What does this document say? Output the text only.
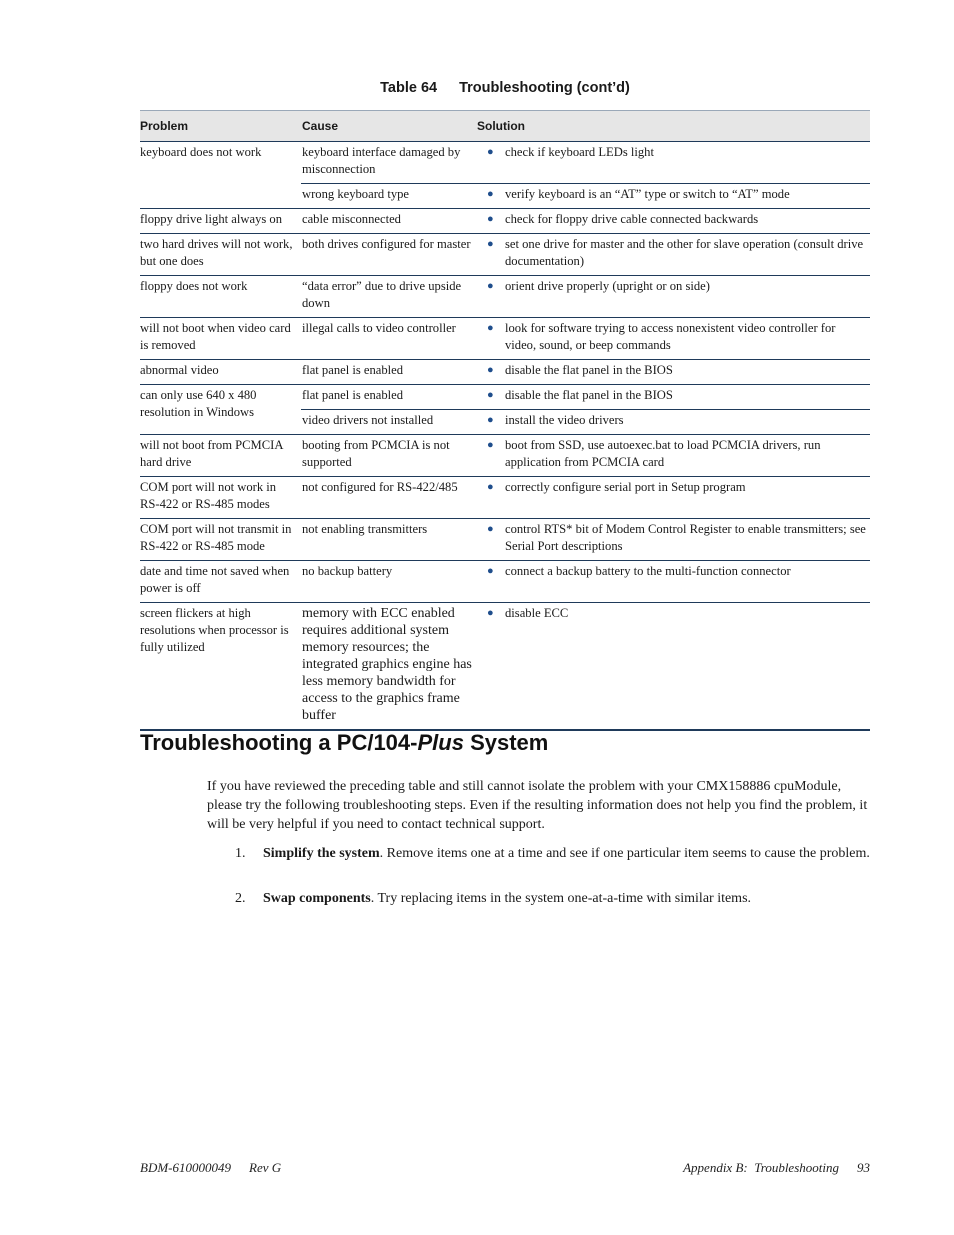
Table 64 Troubleshooting (cont’d)
Problem	Cause	Solution
keyboard does not work	keyboard interface damaged by misconnection	● check if keyboard LEDs light

	wrong keyboard type	● verify keyboard is an “AT” type or switch to “AT” mode

floppy drive light always on	cable misconnected	● check for floppy drive cable connected backwards

two hard drives will not work, but one does	both drives configured for master	● set one drive for master and the other for slave operation (consult drive documentation)

floppy does not work	“data error” due to drive upside down	● orient drive properly (upright or on side)

will not boot when video card is removed	illegal calls to video controller	● look for software trying to access nonexistent video controller for video, sound, or beep commands

abnormal video	flat panel is enabled	● disable the flat panel in the BIOS

can only use 640 x 480 resolution in Windows	flat panel is enabled	● disable the flat panel in the BIOS

	video drivers not installed	● install the video drivers

will not boot from PCMCIA hard drive	booting from PCMCIA is not supported	● boot from SSD, use autoexec.bat to load PCMCIA drivers, run application from PCMCIA card

COM port will not work in RS-422 or RS-485 modes	not configured for RS-422/485	● correctly configure serial port in Setup program

COM port will not transmit in RS-422 or RS-485 mode	not enabling transmitters	● control RTS* bit of Modem Control Register to enable transmitters; see Serial Port descriptions

date and time not saved when power is off	no backup battery	● connect a backup battery to the multi-function connector

screen flickers at high resolutions when processor is fully utilized	memory with ECC enabled requires additional system memory resources; the integrated graphics engine has less memory bandwidth for access to the graphics frame buffer	● disable ECC
Troubleshooting a PC/104-Plus System

If you have reviewed the preceding table and still cannot isolate the problem with your CMX158886 cpuModule, please try the following troubleshooting steps. Even if the resulting information does not help you find the problem, it will be very helpful if you need to contact technical support.

1. Simplify the system. Remove items one at a time and see if one particular item seems to cause the problem.
2. Swap components. Try replacing items in the system one-at-a-time with similar items.
BDM-610000049 Rev G	Appendix B: Troubleshooting 93
